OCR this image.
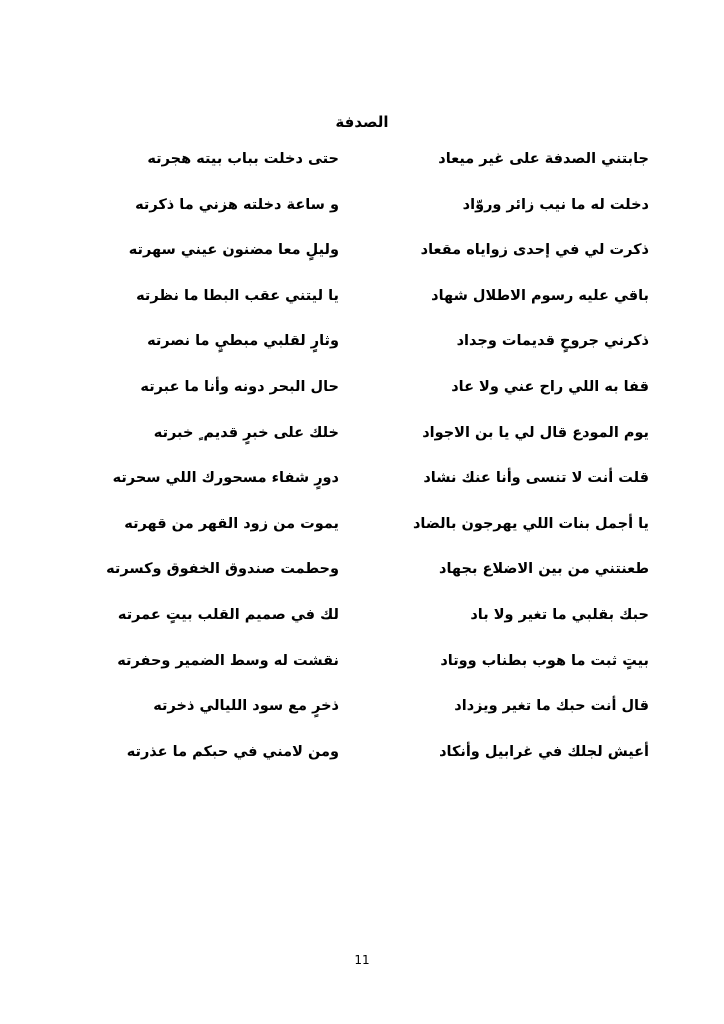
الصدفة
جابتني الصدفة على غير ميعاد
حتى دخلت بباب بيته هجرته
دخلت له ما نيب زائر وروّاد
و ساعة دخلته هزني ما ذكرته
ذكرت لي في إحدى زواياه مقعاد
وليلٍ معا مضنون عيني سهرته
باقي عليه رسوم الاطلال شهاد
يا ليتني عقب البطا ما نظرته
ذكرني جروحٍ قديمات وجداد
وثارٍ لقلبي مبطيٍ ما نصرته
قفا به اللي راح عني ولا عاد
حال البحر دونه وأنا ما عبرته
يوم المودع قال لي يا بن الاجواد
خلك على خبرٍ قديم ٍ خبرته
قلت أنت لا تنسى وأنا عنك نشاد
دورٍ شفاء مسحورك اللي سحرته
يا أجمل بنات اللي يهرجون بالضاد
يموت من زود القهر من قهرته
طعنتني من بين الاضلاع بجهاد
وحطمت صندوق الخفوق وكسرته
حبك بقلبي ما تغير ولا باد
لك في صميم القلب بيتٍ عمرته
بيتٍ ثبت ما هوب بطناب ووتاد
نقشت له وسط الضمير وحفرته
قال أنت حبك ما تغير ويزداد
ذخرٍ مع سود الليالي ذخرته
أعيش لجلك في غرابيل وأنكاد
ومن لامني في حبكم ما عذرته
11
